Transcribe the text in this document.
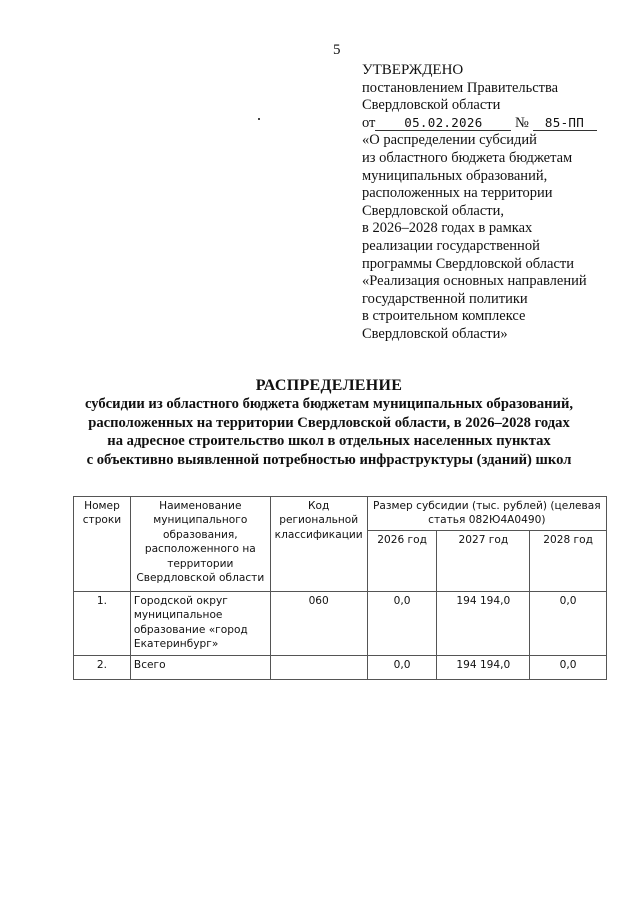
5
УТВЕРЖДЕНО
постановлением Правительства
Свердловской области
от 05.02.2026 № 85-ПП
«О распределении субсидий
из областного бюджета бюджетам
муниципальных образований,
расположенных на территории
Свердловской области,
в 2026–2028 годах в рамках
реализации государственной
программы Свердловской области
«Реализация основных направлений
государственной политики
в строительном комплексе
Свердловской области»
РАСПРЕДЕЛЕНИЕ
субсидии из областного бюджета бюджетам муниципальных образований,
расположенных на территории Свердловской области, в 2026–2028 годах
на адресное строительство школ в отдельных населенных пунктах
с объективно выявленной потребностью инфраструктуры (зданий) школ
Номер строки	Наименование муниципального образования, расположенного на территории Свердловской области	Код региональной классификации	Размер субсидии (тыс. рублей) (целевая статья 082Ю4А0490)		
			2026 год	2027 год	2028 год
1.	Городской округ муниципальное образование «город Екатеринбург»	060	0,0	194 194,0	0,0
2.	Всего		0,0	194 194,0	0,0
